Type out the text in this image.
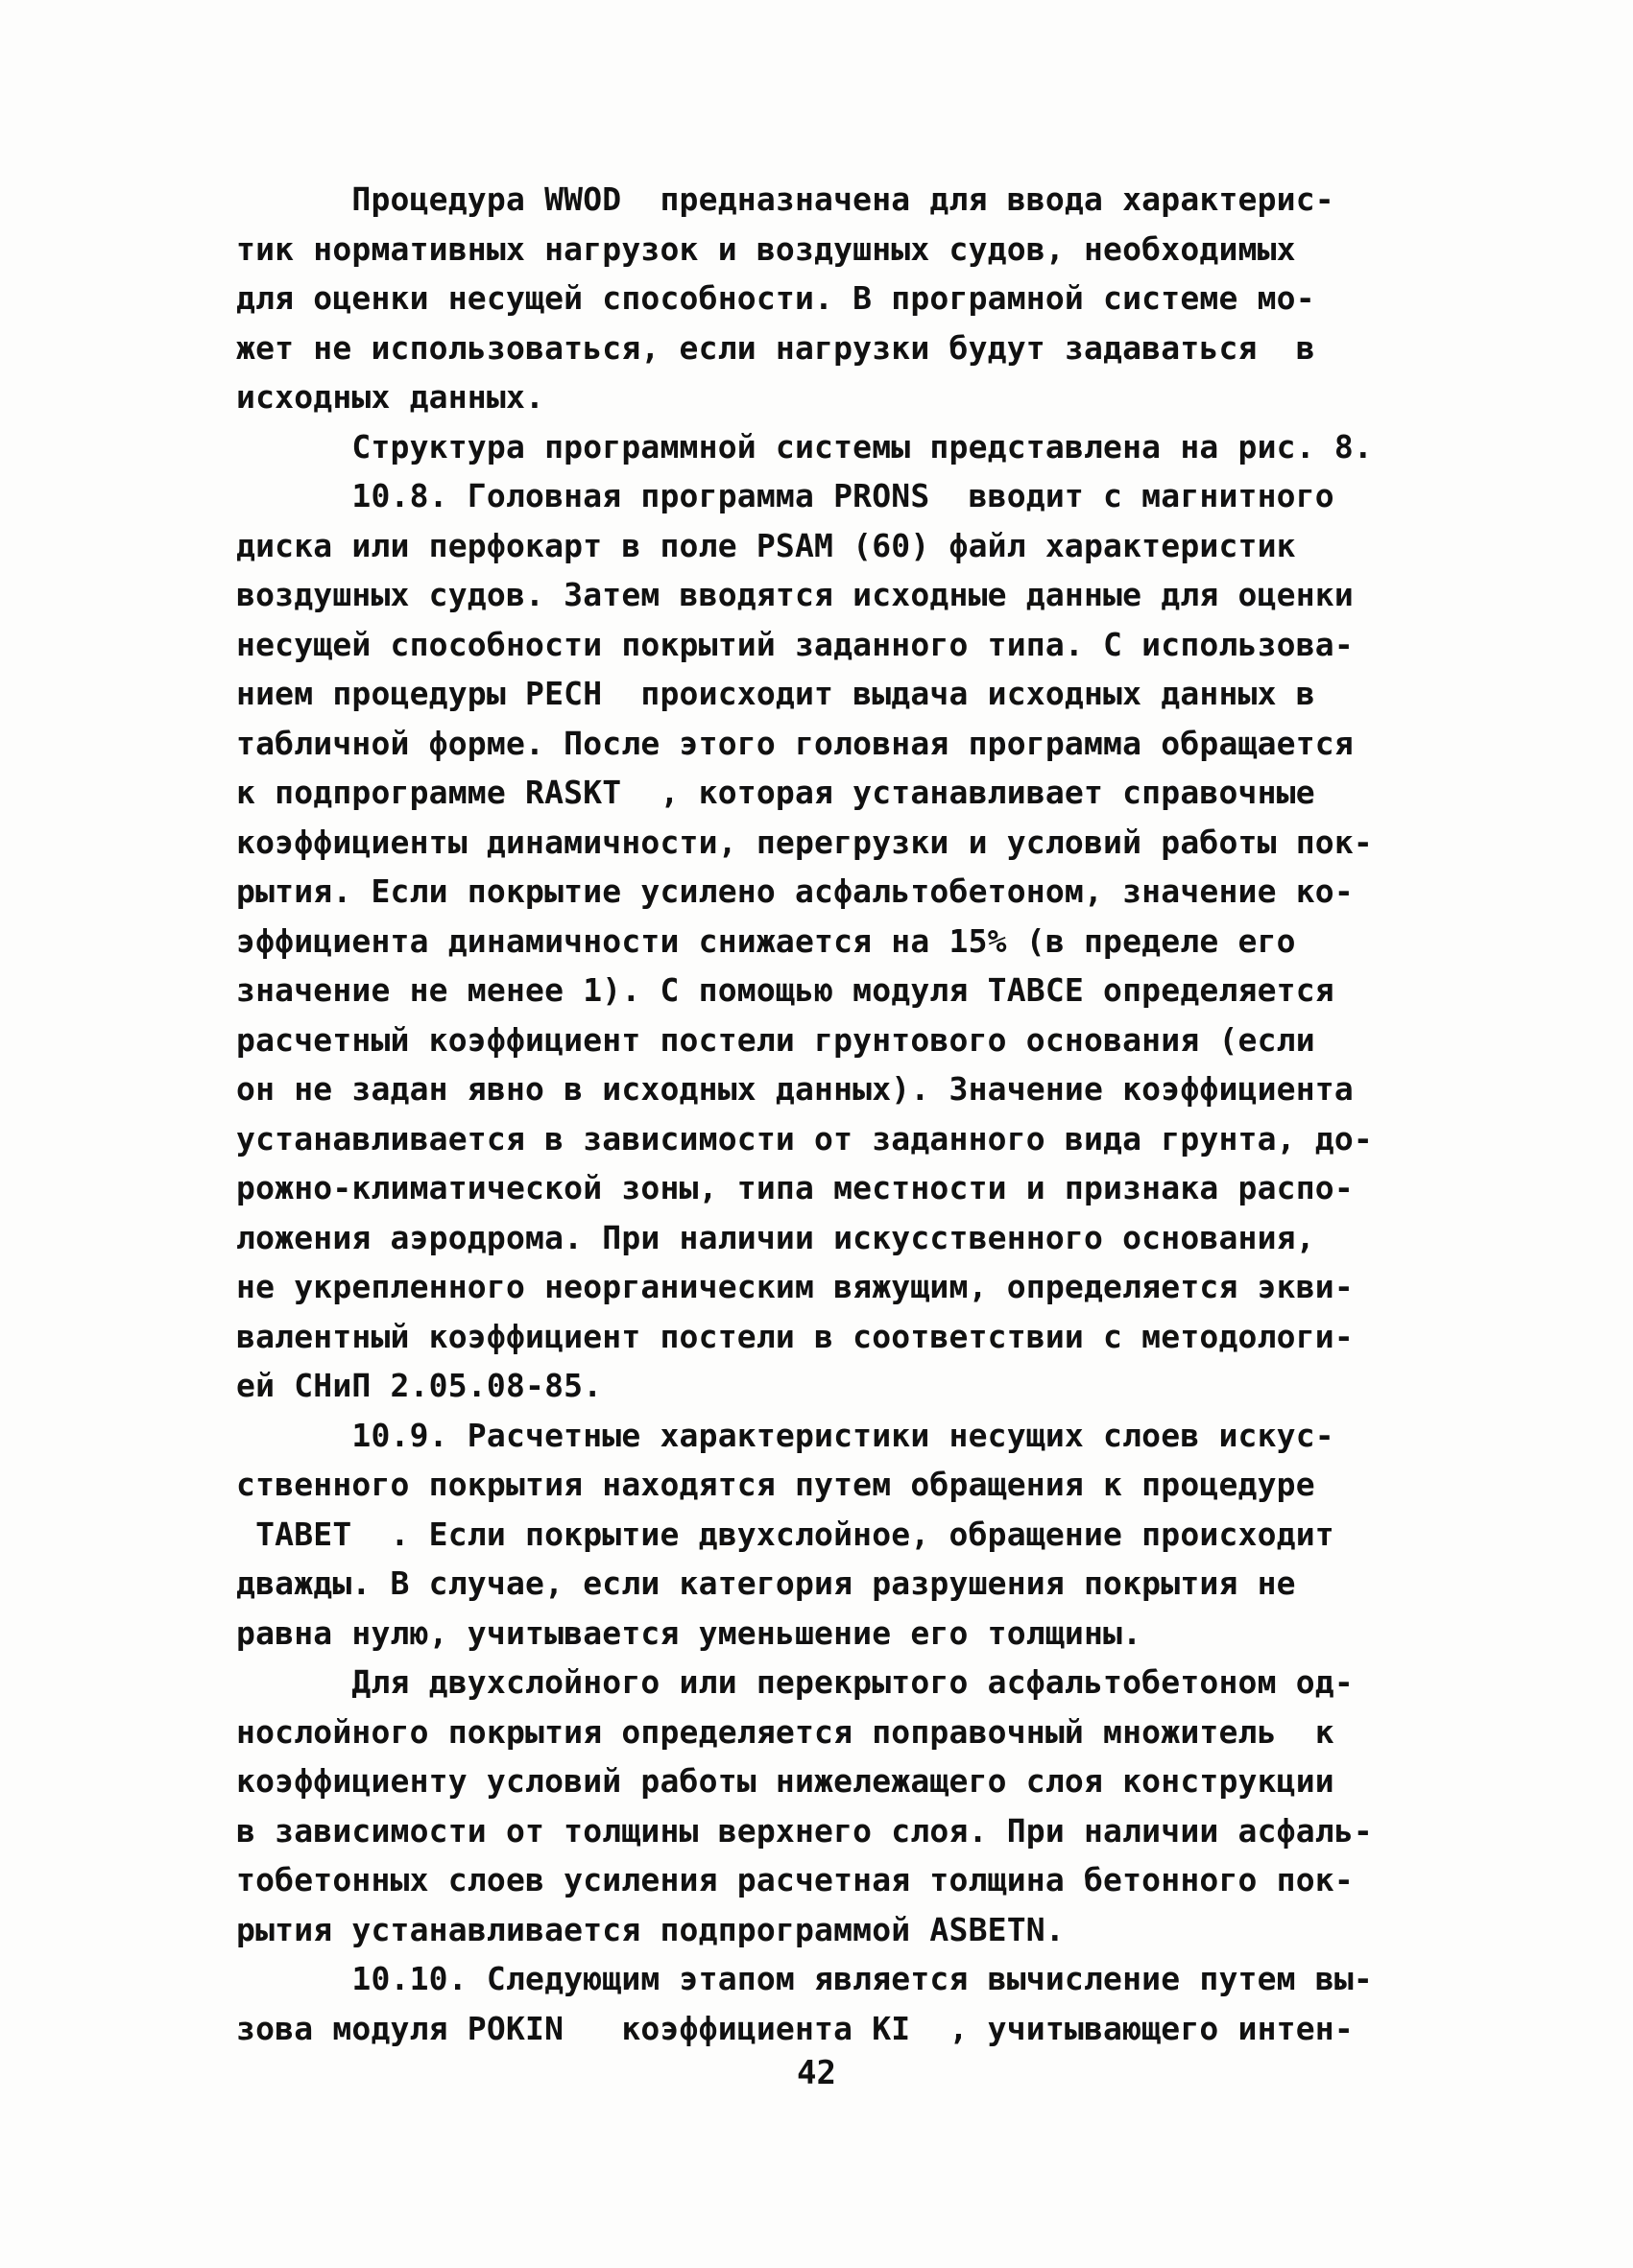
Процедура WWOD  предназначена для ввода характерис-
тик нормативных нагрузок и воздушных судов, необходимых
для оценки несущей способности. В програмной системе мо-
жет не использоваться, если нагрузки будут задаваться  в
исходных данных.
Структура программной системы представлена на рис. 8.
10.8. Головная программа PRONS  вводит с магнитного
диска или перфокарт в поле PSAM (60) файл характеристик
воздушных судов. Затем вводятся исходные данные для оценки
несущей способности покрытий заданного типа. С использова-
нием процедуры PECH  происходит выдача исходных данных в
табличной форме. После этого головная программа обращается
к подпрограмме RASKT  , которая устанавливает справочные
коэффициенты динамичности, перегрузки и условий работы пок-
рытия. Если покрытие усилено асфальтобетоном, значение ко-
эффициента динамичности снижается на 15% (в пределе его
значение не менее 1). С помощью модуля TABCE определяется
расчетный коэффициент постели грунтового основания (если
он не задан явно в исходных данных). Значение коэффициента
устанавливается в зависимости от заданного вида грунта, до-
рожно-климатической зоны, типа местности и признака распо-
ложения аэродрома. При наличии искусственного основания,
не укрепленного неорганическим вяжущим, определяется экви-
валентный коэффициент постели в соответствии с методологи-
ей СНиП 2.05.08-85.
10.9. Расчетные характеристики несущих слоев искус-
ственного покрытия находятся путем обращения к процедуре
TABET  . Если покрытие двухслойное, обращение происходит
дважды. В случае, если категория разрушения покрытия не
равна нулю, учитывается уменьшение его толщины.
Для двухслойного или перекрытого асфальтобетоном од-
нослойного покрытия определяется поправочный множитель  к
коэффициенту условий работы нижележащего слоя конструкции
в зависимости от толщины верхнего слоя. При наличии асфаль-
тобетонных слоев усиления расчетная толщина бетонного пок-
рытия устанавливается подпрограммой ASBETN.
10.10. Следующим этапом является вычисление путем вы-
зова модуля POKIN   коэффициента KI  , учитывающего интен-
42
